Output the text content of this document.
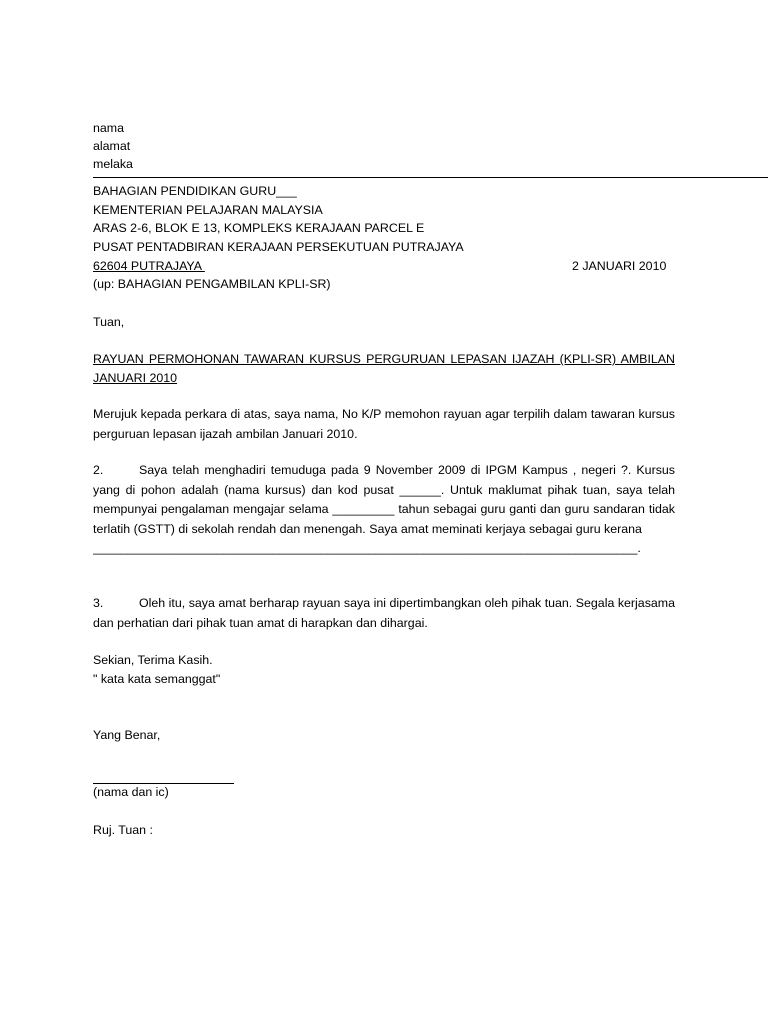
nama
alamat
melaka
BAHAGIAN PENDIDIKAN GURU___
KEMENTERIAN PELAJARAN MALAYSIA
ARAS 2-6, BLOK E 13, KOMPLEKS KERAJAAN PARCEL E
PUSAT PENTADBIRAN KERAJAAN PERSEKUTUAN PUTRAJAYA
62604 PUTRAJAYA	2 JANUARI 2010
(up: BAHAGIAN PENGAMBILAN KPLI-SR)
Tuan,
RAYUAN PERMOHONAN TAWARAN KURSUS PERGURUAN LEPASAN IJAZAH (KPLI-SR) AMBILAN JANUARI 2010
Merujuk kepada perkara di atas, saya nama, No K/P memohon rayuan agar terpilih dalam tawaran kursus perguruan lepasan ijazah ambilan Januari 2010.
2.	Saya telah menghadiri temuduga pada 9 November 2009 di IPGM Kampus , negeri ?. Kursus yang di pohon adalah (nama kursus) dan kod pusat ______. Untuk maklumat pihak tuan, saya telah mempunyai pengalaman mengajar selama _________ tahun sebagai guru ganti dan guru sandaran tidak terlatih (GSTT) di sekolah rendah dan menengah. Saya amat meminati kerjaya sebagai guru kerana
_______________________________________________________________________________.
3.	Oleh itu, saya amat berharap rayuan saya ini dipertimbangkan oleh pihak tuan. Segala kerjasama dan perhatian dari pihak tuan amat di harapkan dan dihargai.
Sekian, Terima Kasih.
" kata kata semanggat"
Yang Benar,
(nama dan ic)
Ruj. Tuan :
